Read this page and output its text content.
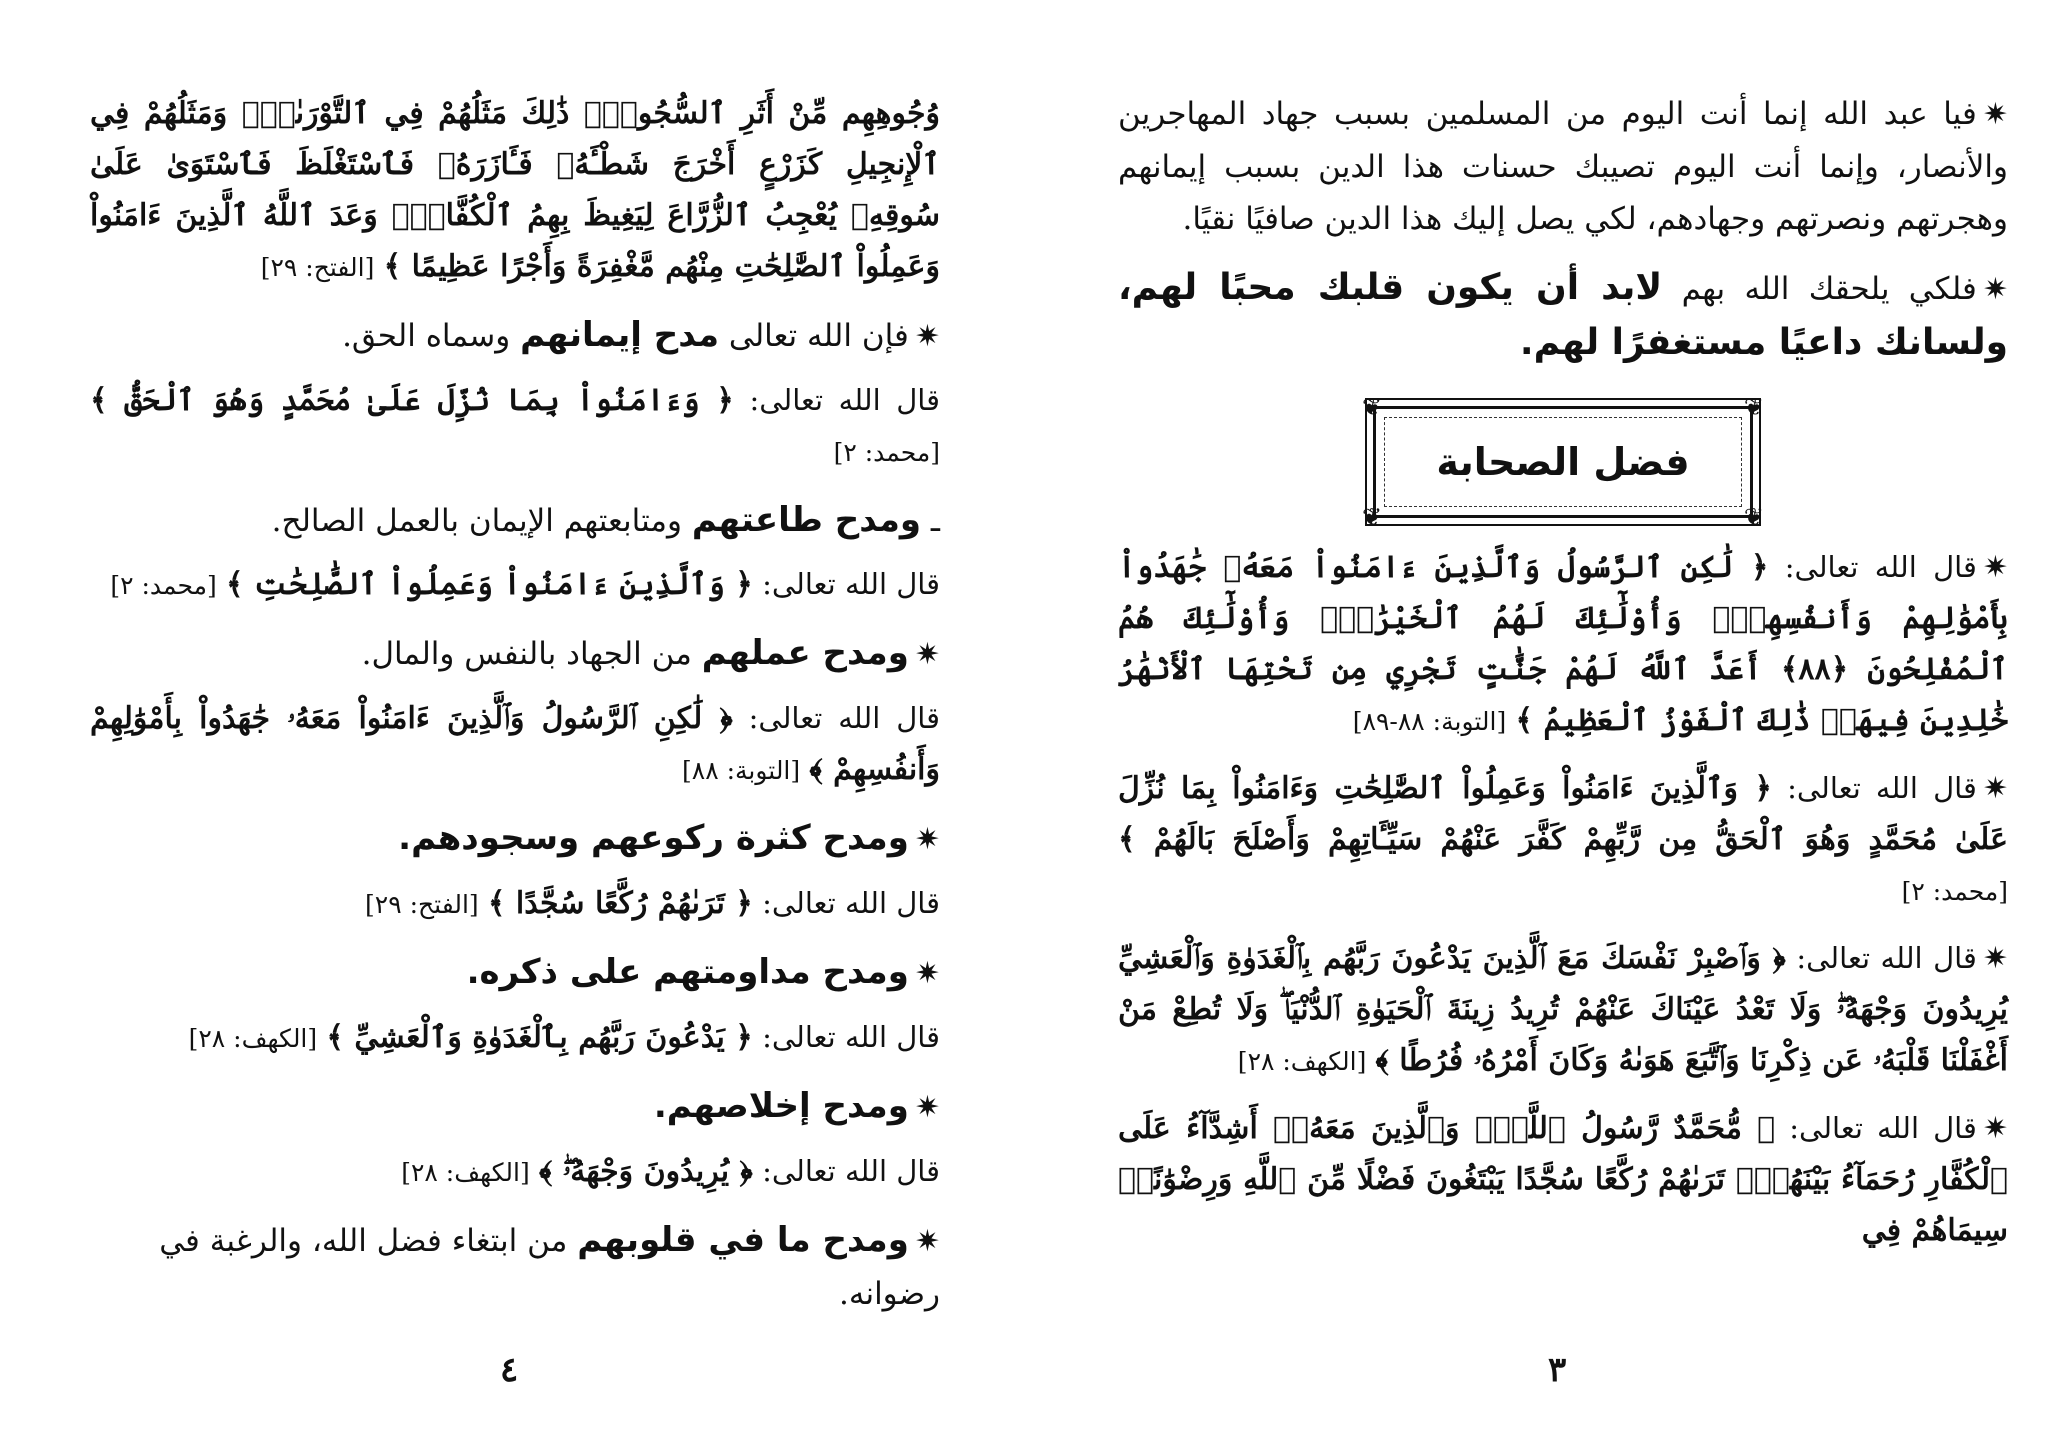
✷فيا عبد الله إنما أنت اليوم من المسلمين بسبب جهاد المهاجرين والأنصار، وإنما أنت اليوم تصيبك حسنات هذا الدين بسبب إيمانهم وهجرتهم ونصرتهم وجهادهم، لكي يصل إليك هذا الدين صافيًا نقيًا.

✷فلكي يلحقك الله بهم لابد أن يكون قلبك محبًا لهم، ولسانك داعيًا مستغفرًا لهم.

❦	❦
❦	❦
فضل الصحابة

✷قال الله تعالى: ﴿ لَٰكِنِ ٱلرَّسُولُ وَٱلَّذِينَ ءَامَنُواْ مَعَهُۥ جَٰهَدُواْ بِأَمْوَٰلِهِمْ وَأَنفُسِهِمْۚ وَأُوْلَٰٓئِكَ لَهُمُ ٱلْخَيْرَٰتُۖ وَأُوْلَٰٓئِكَ هُمُ ٱلْمُفْلِحُونَ ﴿٨٨﴾ أَعَدَّ ٱللَّهُ لَهُمْ جَنَّٰتٍ تَجْرِي مِن تَحْتِهَا ٱلْأَنْهَٰرُ خَٰلِدِينَ فِيهَاۚ ذَٰلِكَ ٱلْفَوْزُ ٱلْعَظِيمُ ﴾ [التوبة: ٨٨-٨٩]

✷قال الله تعالى: ﴿ وَٱلَّذِينَ ءَامَنُواْ وَعَمِلُواْ ٱلصَّٰلِحَٰتِ وَءَامَنُواْ بِمَا نُزِّلَ عَلَىٰ مُحَمَّدٍ وَهُوَ ٱلْحَقُّ مِن رَّبِّهِمْ كَفَّرَ عَنْهُمْ سَيِّـَٔاتِهِمْ وَأَصْلَحَ بَالَهُمْ ﴾ [محمد: ٢]

✷قال الله تعالى: ﴿ وَٱصْبِرْ نَفْسَكَ مَعَ ٱلَّذِينَ يَدْعُونَ رَبَّهُم بِٱلْغَدَوٰةِ وَٱلْعَشِيِّ يُرِيدُونَ وَجْهَهُۥۖ وَلَا تَعْدُ عَيْنَاكَ عَنْهُمْ تُرِيدُ زِينَةَ ٱلْحَيَوٰةِ ٱلدُّنْيَاۖ وَلَا تُطِعْ مَنْ أَغْفَلْنَا قَلْبَهُۥ عَن ذِكْرِنَا وَٱتَّبَعَ هَوَىٰهُ وَكَانَ أَمْرُهُۥ فُرُطًا ﴾ [الكهف: ٢٨]

✷قال الله تعالى: ﴿ مُّحَمَّدٌ رَّسُولُ ٱللَّهِۚ وَٱلَّذِينَ مَعَهُۥٓ أَشِدَّآءُ عَلَى ٱلْكُفَّارِ رُحَمَآءُ بَيْنَهُمْۖ تَرَىٰهُمْ رُكَّعًا سُجَّدًا يَبْتَغُونَ فَضْلًا مِّنَ ٱللَّهِ وَرِضْوَٰنًاۖ سِيمَاهُمْ فِي

٣

وُجُوهِهِم مِّنْ أَثَرِ ٱلسُّجُودِۚ ذَٰلِكَ مَثَلُهُمْ فِي ٱلتَّوْرَىٰةِۚ وَمَثَلُهُمْ فِي ٱلْإِنجِيلِ كَزَرْعٍ أَخْرَجَ شَطْـَٔهُۥ فَـَٔازَرَهُۥ فَٱسْتَغْلَظَ فَٱسْتَوَىٰ عَلَىٰ سُوقِهِۦ يُعْجِبُ ٱلزُّرَّاعَ لِيَغِيظَ بِهِمُ ٱلْكُفَّارَۗ وَعَدَ ٱللَّهُ ٱلَّذِينَ ءَامَنُواْ وَعَمِلُواْ ٱلصَّٰلِحَٰتِ مِنْهُم مَّغْفِرَةً وَأَجْرًا عَظِيمًا ﴾ [الفتح: ٢٩]

✷فإن الله تعالى مدح إيمانهم وسماه الحق.

قال الله تعالى: ﴿ وَءَامَنُواْ بِمَا نُزِّلَ عَلَىٰ مُحَمَّدٍ وَهُوَ ٱلْحَقُّ ﴾ [محمد: ٢]

ـ ومدح طاعتهم ومتابعتهم الإيمان بالعمل الصالح.

قال الله تعالى: ﴿ وَٱلَّذِينَ ءَامَنُواْ وَعَمِلُواْ ٱلصَّٰلِحَٰتِ ﴾ [محمد: ٢]

✷ومدح عملهم من الجهاد بالنفس والمال.

قال الله تعالى: ﴿ لَٰكِنِ ٱلرَّسُولُ وَٱلَّذِينَ ءَامَنُواْ مَعَهُۥ جَٰهَدُواْ بِأَمْوَٰلِهِمْ وَأَنفُسِهِمْ ﴾ [التوبة: ٨٨]

✷ومدح كثرة ركوعهم وسجودهم.

قال الله تعالى: ﴿ تَرَىٰهُمْ رُكَّعًا سُجَّدًا ﴾ [الفتح: ٢٩]

✷ومدح مداومتهم على ذكره.

قال الله تعالى: ﴿ يَدْعُونَ رَبَّهُم بِٱلْغَدَوٰةِ وَٱلْعَشِيِّ ﴾ [الكهف: ٢٨]

✷ومدح إخلاصهم.

قال الله تعالى: ﴿ يُرِيدُونَ وَجْهَهُۥۖ ﴾ [الكهف: ٢٨]

✷ومدح ما في قلوبهم من ابتغاء فضل الله، والرغبة في رضوانه.

٤
